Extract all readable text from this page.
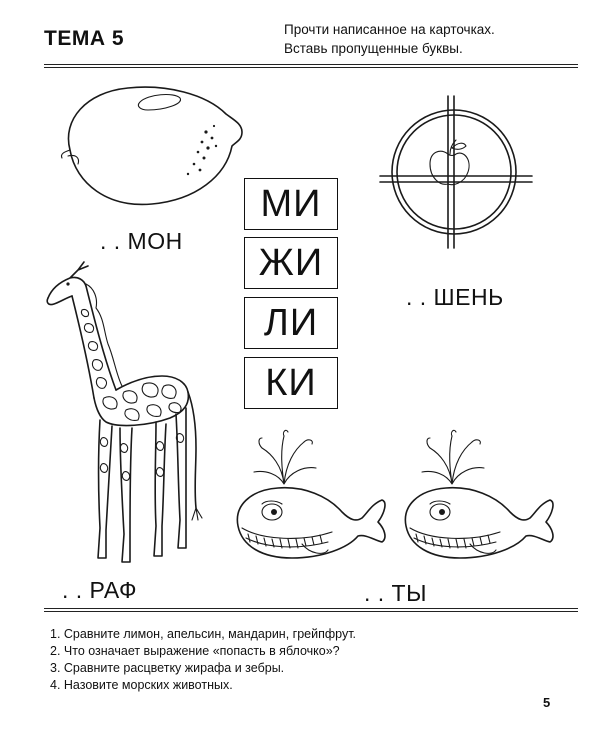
ТЕМА 5	Прочти написанное на карточках.
Вставь пропущенные буквы.
. . МОН
. . ШЕНЬ
МИ
ЖИ
ЛИ
КИ
. . РАФ	. . ТЫ
1. Сравните лимон, апельсин, мандарин, грейпфрут.
2. Что означает выражение «попасть в яблочко»?
3. Сравните расцветку жирафа и зебры.
4. Назовите морских животных.
5
